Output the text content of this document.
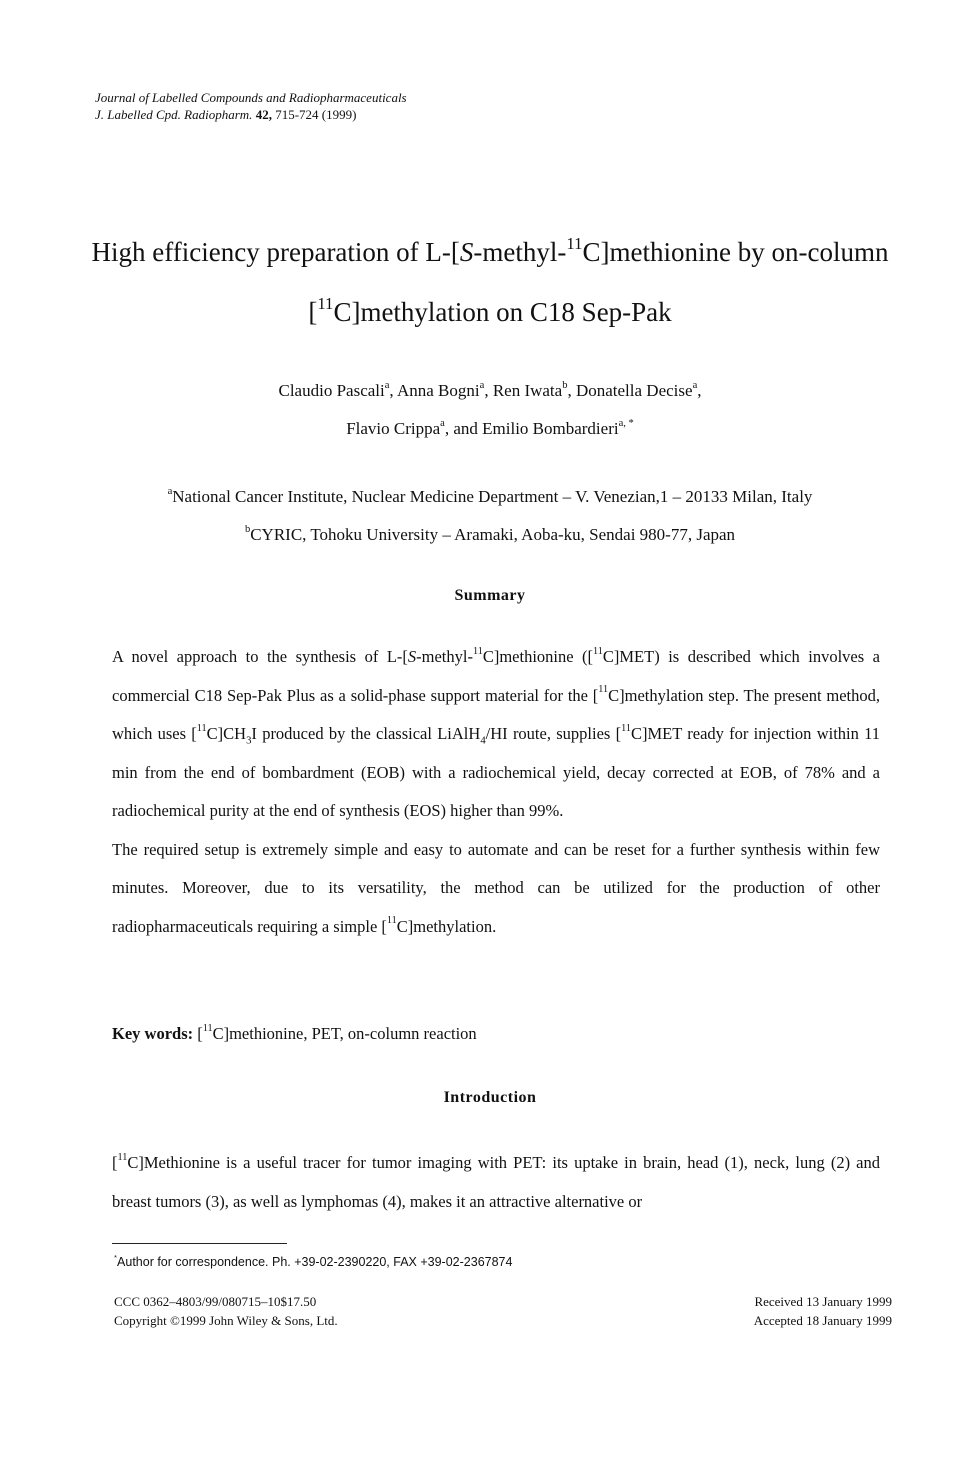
Journal of Labelled Compounds and Radiopharmaceuticals
J. Labelled Cpd. Radiopharm. 42, 715-724 (1999)
High efficiency preparation of L-[S-methyl-$^{11}$C]methionine by on-column [$^{11}$C]methylation on C18 Sep-Pak
Claudio Pascali$^a$, Anna Bogni$^a$, Ren Iwata$^b$, Donatella Decise$^a$,
Flavio Crippa$^a$, and Emilio Bombardieri$^{a, *}$
$^a$National Cancer Institute, Nuclear Medicine Department – V. Venezian,1 – 20133 Milan, Italy
$^b$CYRIC, Tohoku University – Aramaki, Aoba-ku, Sendai 980-77, Japan
Summary

A novel approach to the synthesis of L-[S-methyl-$^{11}$C]methionine ([$^{11}$C]MET) is described which involves a commercial C18 Sep-Pak Plus as a solid-phase support material for the [$^{11}$C]methylation step. The present method, which uses $[^{11}C]CH_3I$ produced by the classical LiAlH$_4$/HI route, supplies [$^{11}$C]MET ready for injection within 11 min from the end of bombardment (EOB) with a radiochemical yield, decay corrected at EOB, of 78% and a radiochemical purity at the end of synthesis (EOS) higher than 99%.

The required setup is extremely simple and easy to automate and can be reset for a further synthesis within few minutes. Moreover, due to its versatility, the method can be utilized for the production of other radiopharmaceuticals requiring a simple [$^{11}$C]methylation.

Key words: [$^{11}$C]methionine, PET, on-column reaction
Introduction
[$^{11}$C]Methionine is a useful tracer for tumor imaging with PET: its uptake in brain, head (1), neck, lung (2) and breast tumors (3), as well as lymphomas (4), makes it an attractive alternative or
*Author for correspondence. Ph. +39-02-2390220, FAX +39-02-2367874
CCC 0362–4803/99/080715–10$17.50
Copyright ©1999 John Wiley & Sons, Ltd.
Received 13 January 1999
Accepted 18 January 1999
